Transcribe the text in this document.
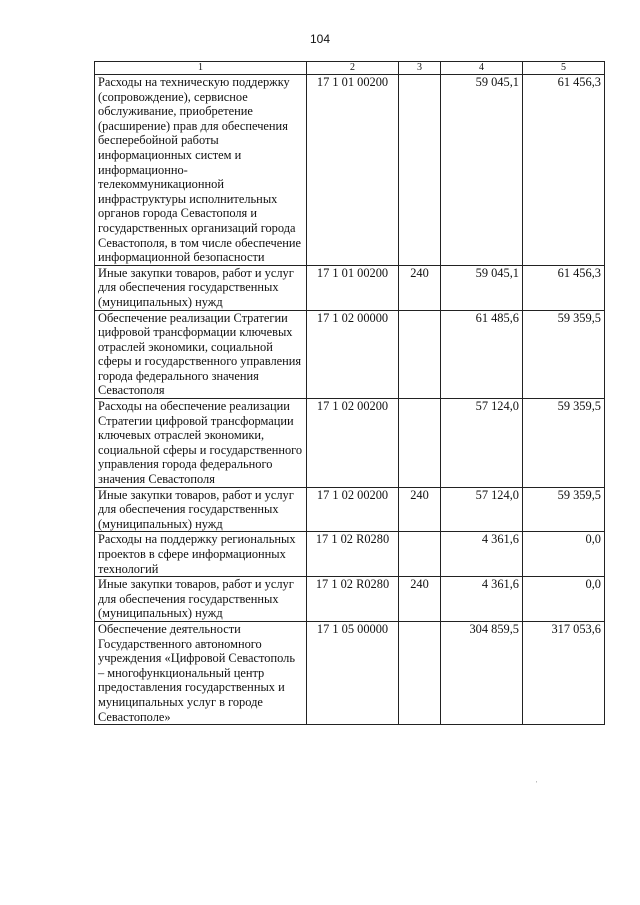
104
1	2	3	4	5
Расходы на техническую поддержку (сопровождение), сервисное обслуживание, приобретение (расширение) прав для обеспечения бесперебойной работы информационных систем и информационно-телекоммуникационной инфраструктуры исполнительных органов города Севастополя и государственных организаций города Севастополя, в том числе обеспечение информационной безопасности	17 1 01 00200		59 045,1	61 456,3
Иные закупки товаров, работ и услуг для обеспечения государственных (муниципальных) нужд	17 1 01 00200	240	59 045,1	61 456,3
Обеспечение реализации Стратегии цифровой трансформации ключевых отраслей экономики, социальной сферы и государственного управления города федерального значения Севастополя	17 1 02 00000		61 485,6	59 359,5
Расходы на обеспечение реализации Стратегии цифровой трансформации ключевых отраслей экономики, социальной сферы и государственного управления города федерального значения Севастополя	17 1 02 00200		57 124,0	59 359,5
Иные закупки товаров, работ и услуг для обеспечения государственных (муниципальных) нужд	17 1 02 00200	240	57 124,0	59 359,5
Расходы на поддержку региональных проектов в сфере информационных технологий	17 1 02 R0280		4 361,6	0,0
Иные закупки товаров, работ и услуг для обеспечения государственных (муниципальных) нужд	17 1 02 R0280	240	4 361,6	0,0
Обеспечение деятельности Государственного автономного учреждения «Цифровой Севастополь – многофункциональный центр предоставления государственных и муниципальных услуг в городе Севастополе»	17 1 05 00000		304 859,5	317 053,6
ˈ
